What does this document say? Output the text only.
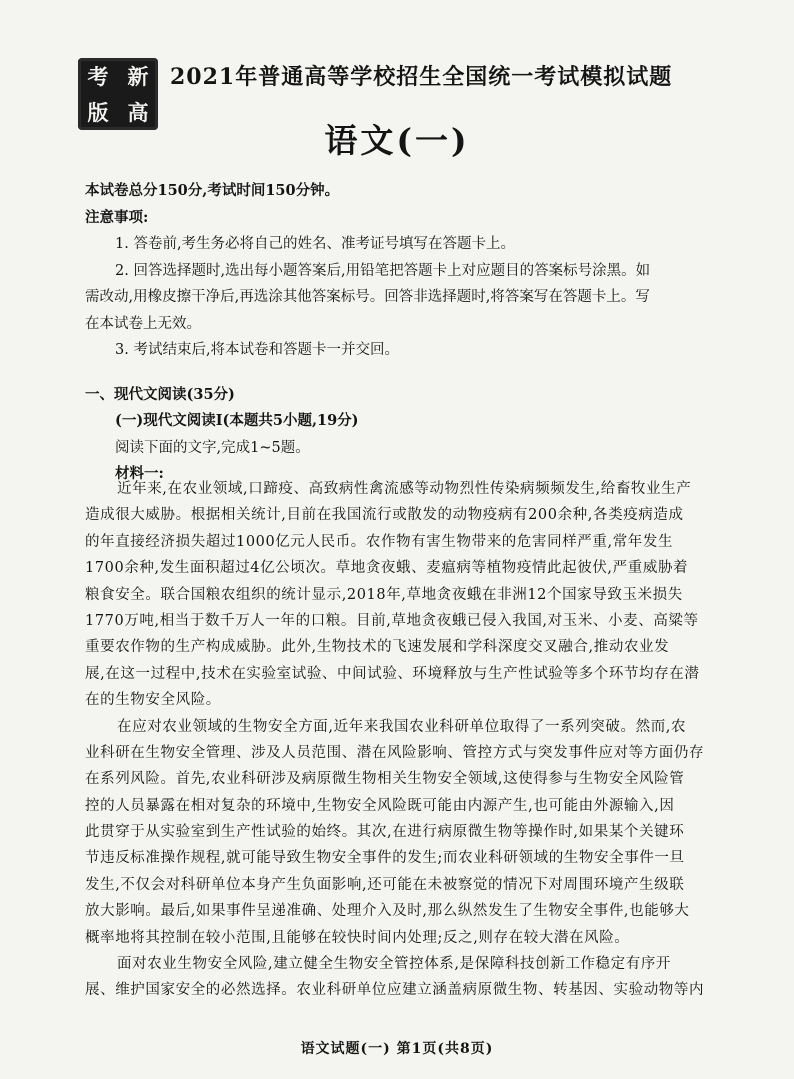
考 新
版 高
2021年普通高等学校招生全国统一考试模拟试题
语文(一)
本试卷总分150分,考试时间150分钟。
注意事项:
1. 答卷前,考生务必将自己的姓名、准考证号填写在答题卡上。
2. 回答选择题时,选出每小题答案后,用铅笔把答题卡上对应题目的答案标号涂黑。如
需改动,用橡皮擦干净后,再选涂其他答案标号。回答非选择题时,将答案写在答题卡上。写
在本试卷上无效。
3. 考试结束后,将本试卷和答题卡一并交回。
一、现代文阅读(35分)
(一)现代文阅读Ⅰ(本题共5小题,19分)
阅读下面的文字,完成1~5题。
材料一:
近年来,在农业领域,口蹄疫、高致病性禽流感等动物烈性传染病频频发生,给畜牧业生产
造成很大威胁。根据相关统计,目前在我国流行或散发的动物疫病有200余种,各类疫病造成
的年直接经济损失超过1000亿元人民币。农作物有害生物带来的危害同样严重,常年发生
1700余种,发生面积超过4亿公顷次。草地贪夜蛾、麦瘟病等植物疫情此起彼伏,严重威胁着
粮食安全。联合国粮农组织的统计显示,2018年,草地贪夜蛾在非洲12个国家导致玉米损失
1770万吨,相当于数千万人一年的口粮。目前,草地贪夜蛾已侵入我国,对玉米、小麦、高粱等
重要农作物的生产构成威胁。此外,生物技术的飞速发展和学科深度交叉融合,推动农业发
展,在这一过程中,技术在实验室试验、中间试验、环境释放与生产性试验等多个环节均存在潜
在的生物安全风险。
在应对农业领域的生物安全方面,近年来我国农业科研单位取得了一系列突破。然而,农
业科研在生物安全管理、涉及人员范围、潜在风险影响、管控方式与突发事件应对等方面仍存
在系列风险。首先,农业科研涉及病原微生物相关生物安全领域,这使得参与生物安全风险管
控的人员暴露在相对复杂的环境中,生物安全风险既可能由内源产生,也可能由外源输入,因
此贯穿于从实验室到生产性试验的始终。其次,在进行病原微生物等操作时,如果某个关键环
节违反标准操作规程,就可能导致生物安全事件的发生;而农业科研领域的生物安全事件一旦
发生,不仅会对科研单位本身产生负面影响,还可能在未被察觉的情况下对周围环境产生级联
放大影响。最后,如果事件呈递准确、处理介入及时,那么纵然发生了生物安全事件,也能够大
概率地将其控制在较小范围,且能够在较快时间内处理;反之,则存在较大潜在风险。
面对农业生物安全风险,建立健全生物安全管控体系,是保障科技创新工作稳定有序开
展、维护国家安全的必然选择。农业科研单位应建立涵盖病原微生物、转基因、实验动物等内
语文试题(一) 第1页(共8页)
